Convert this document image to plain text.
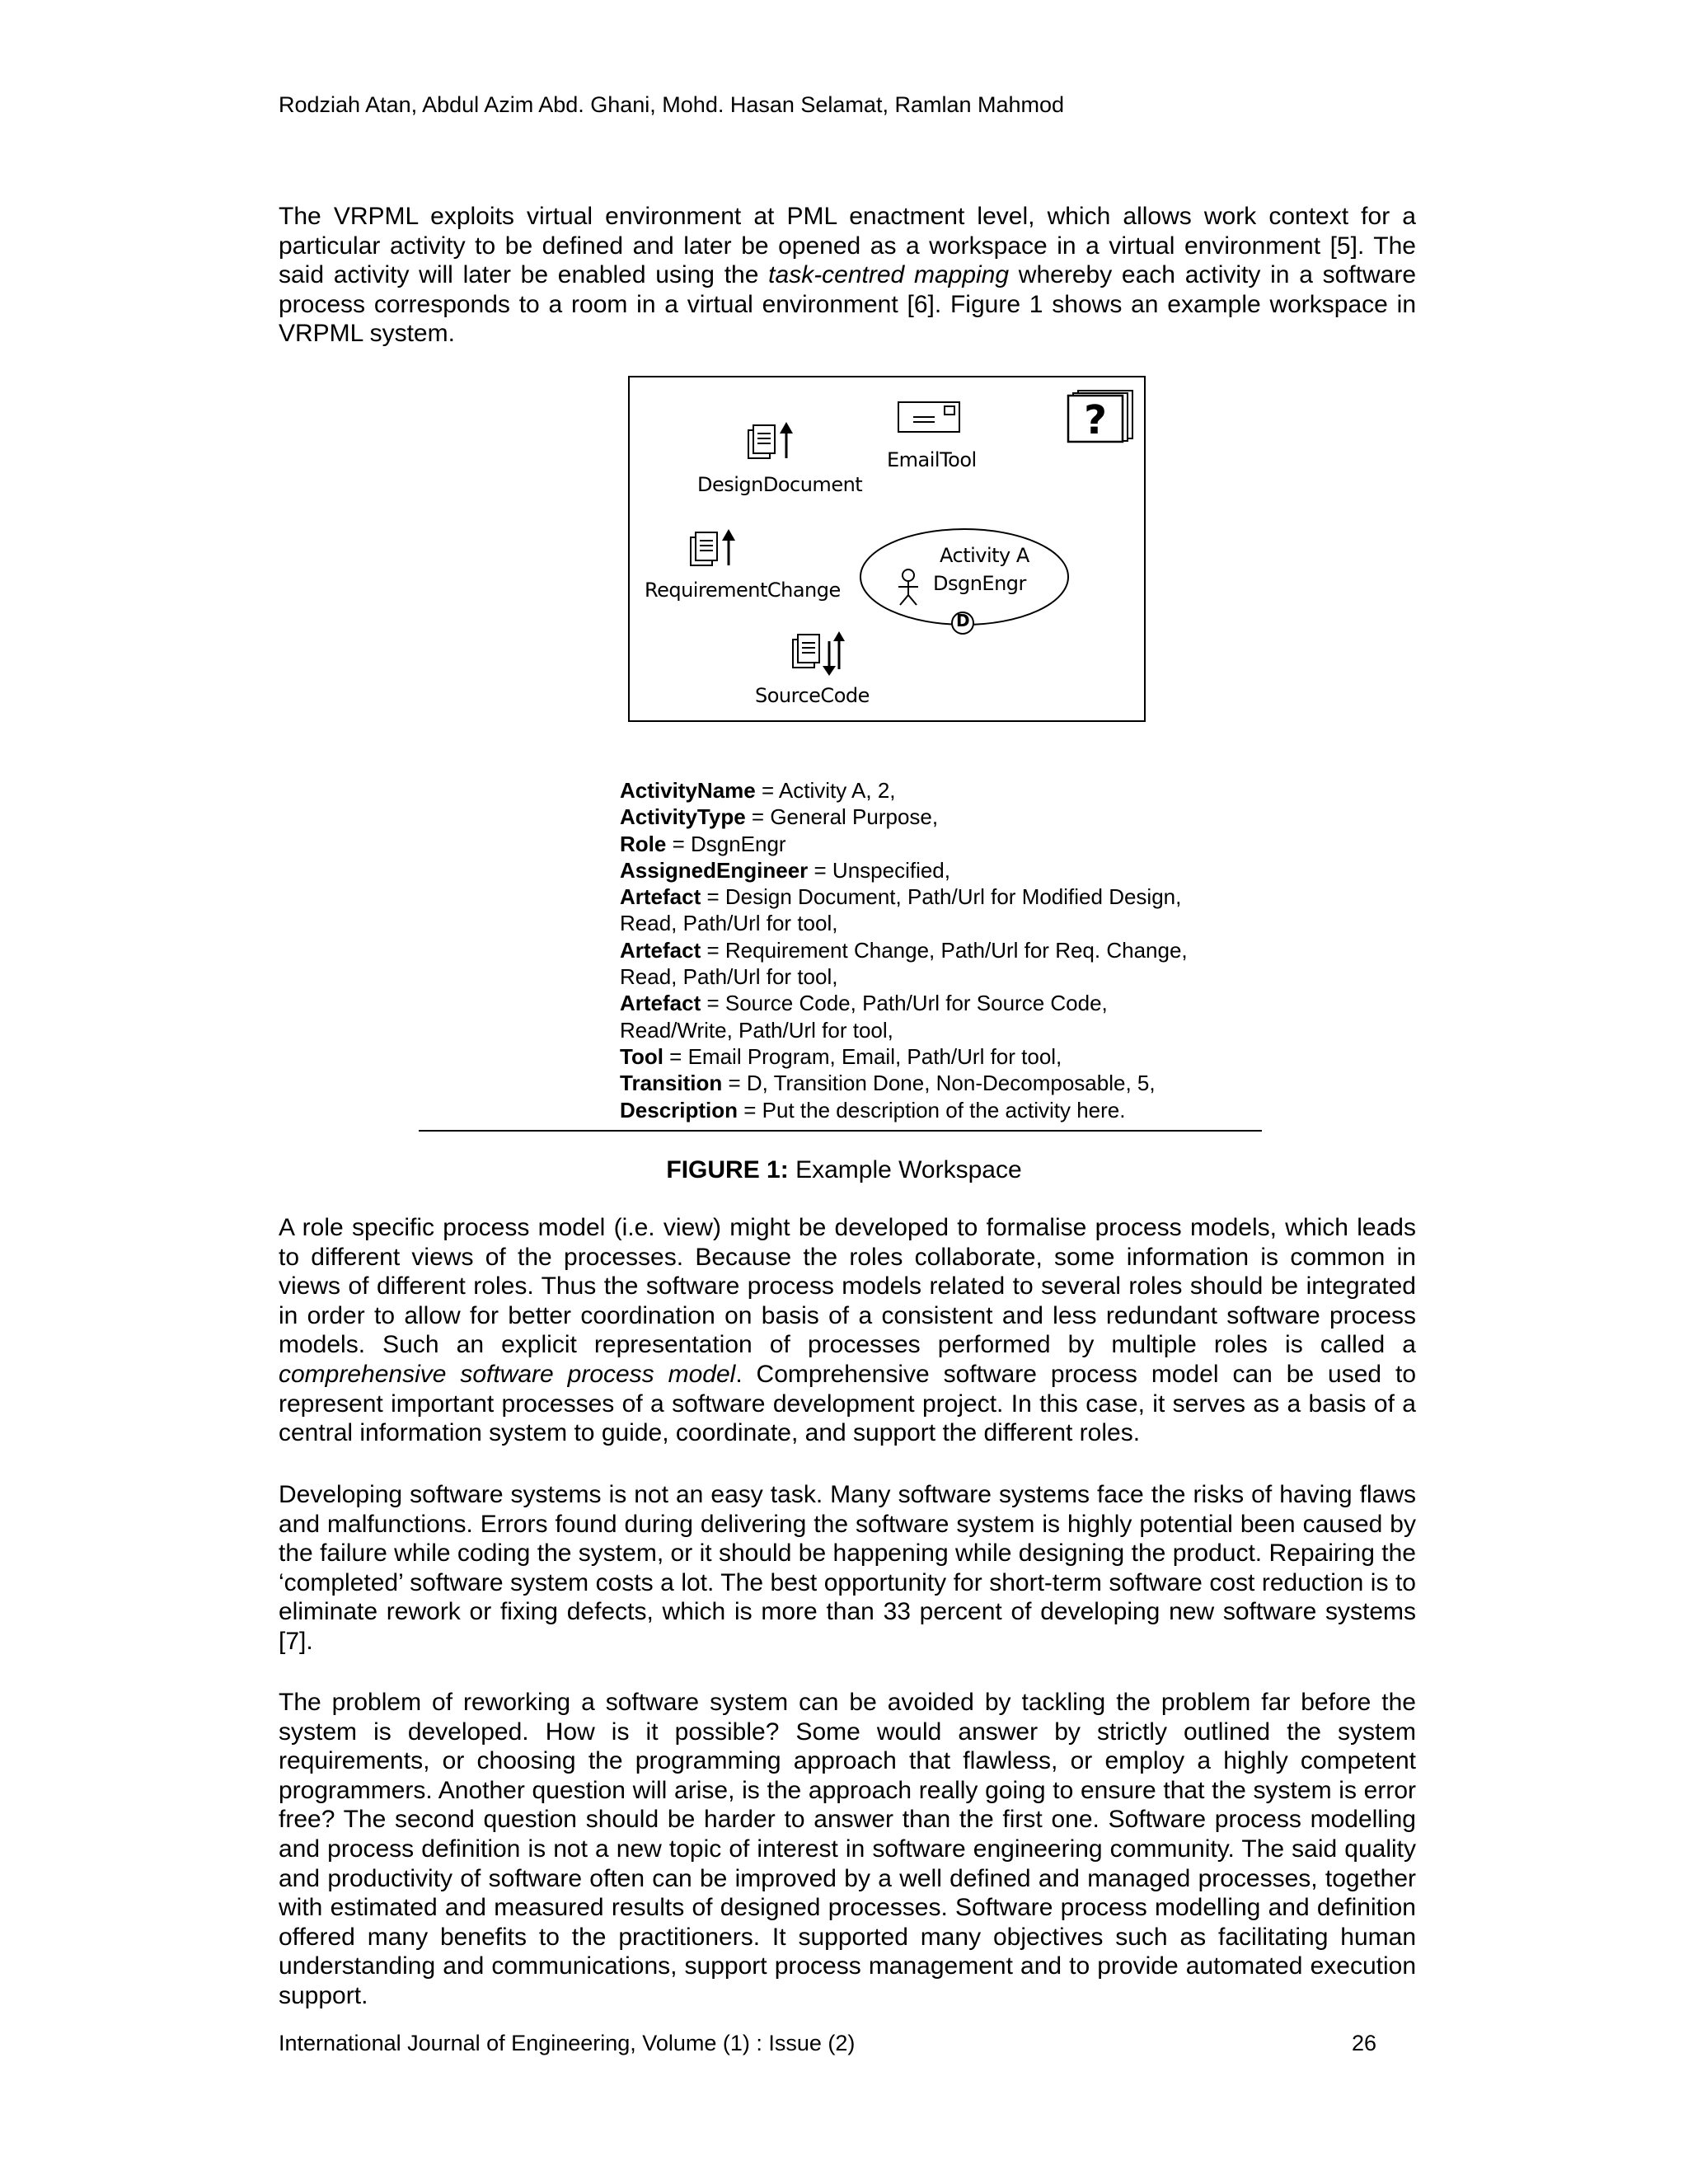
Rodziah Atan, Abdul Azim Abd. Ghani, Mohd. Hasan Selamat, Ramlan Mahmod
The VRPML exploits virtual environment at PML enactment level, which allows work context for a particular activity to be defined and later be opened as a workspace in a virtual environment [5]. The said activity will later be enabled using the task-centred mapping whereby each activity in a software process corresponds to a room in a virtual environment [6]. Figure 1 shows an example workspace in VRPML system.
DesignDocument
EmailTool
?
RequirementChange
Activity A
DsgnEngr
D
SourceCode
ActivityName = Activity A, 2,
ActivityType = General Purpose,
Role = DsgnEngr
AssignedEngineer = Unspecified,
Artefact = Design Document, Path/Url for Modified Design,
Read, Path/Url for tool,
Artefact = Requirement Change, Path/Url for Req. Change,
Read, Path/Url for tool,
Artefact = Source Code, Path/Url for Source Code,
Read/Write, Path/Url for tool,
Tool = Email Program, Email, Path/Url for tool,
Transition = D, Transition Done, Non-Decomposable, 5,
Description = Put the description of the activity here.
FIGURE 1: Example Workspace
A role specific process model (i.e. view) might be developed to formalise process models, which leads to different views of the processes. Because the roles collaborate, some information is common in views of different roles. Thus the software process models related to several roles should be integrated in order to allow for better coordination on basis of a consistent and less redundant software process models. Such an explicit representation of processes performed by multiple roles is called a comprehensive software process model. Comprehensive software process model can be used to represent important processes of a software development project. In this case, it serves as a basis of a central information system to guide, coordinate, and support the different roles.
Developing software systems is not an easy task. Many software systems face the risks of having flaws and malfunctions. Errors found during delivering the software system is highly potential been caused by the failure while coding the system, or it should be happening while designing the product. Repairing the ‘completed’ software system costs a lot. The best opportunity for short-term software cost reduction is to eliminate rework or fixing defects, which is more than 33 percent of developing new software systems [7].
The problem of reworking a software system can be avoided by tackling the problem far before the system is developed. How is it possible? Some would answer by strictly outlined the system requirements, or choosing the programming approach that flawless, or employ a highly competent programmers. Another question will arise, is the approach really going to ensure that the system is error free? The second question should be harder to answer than the first one. Software process modelling and process definition is not a new topic of interest in software engineering community. The said quality and productivity of software often can be improved by a well defined and managed processes, together with estimated and measured results of designed processes. Software process modelling and definition offered many benefits to the practitioners. It supported many objectives such as facilitating human understanding and communications, support process management and to provide automated execution support.
International Journal of Engineering, Volume (1) : Issue (2)	26
